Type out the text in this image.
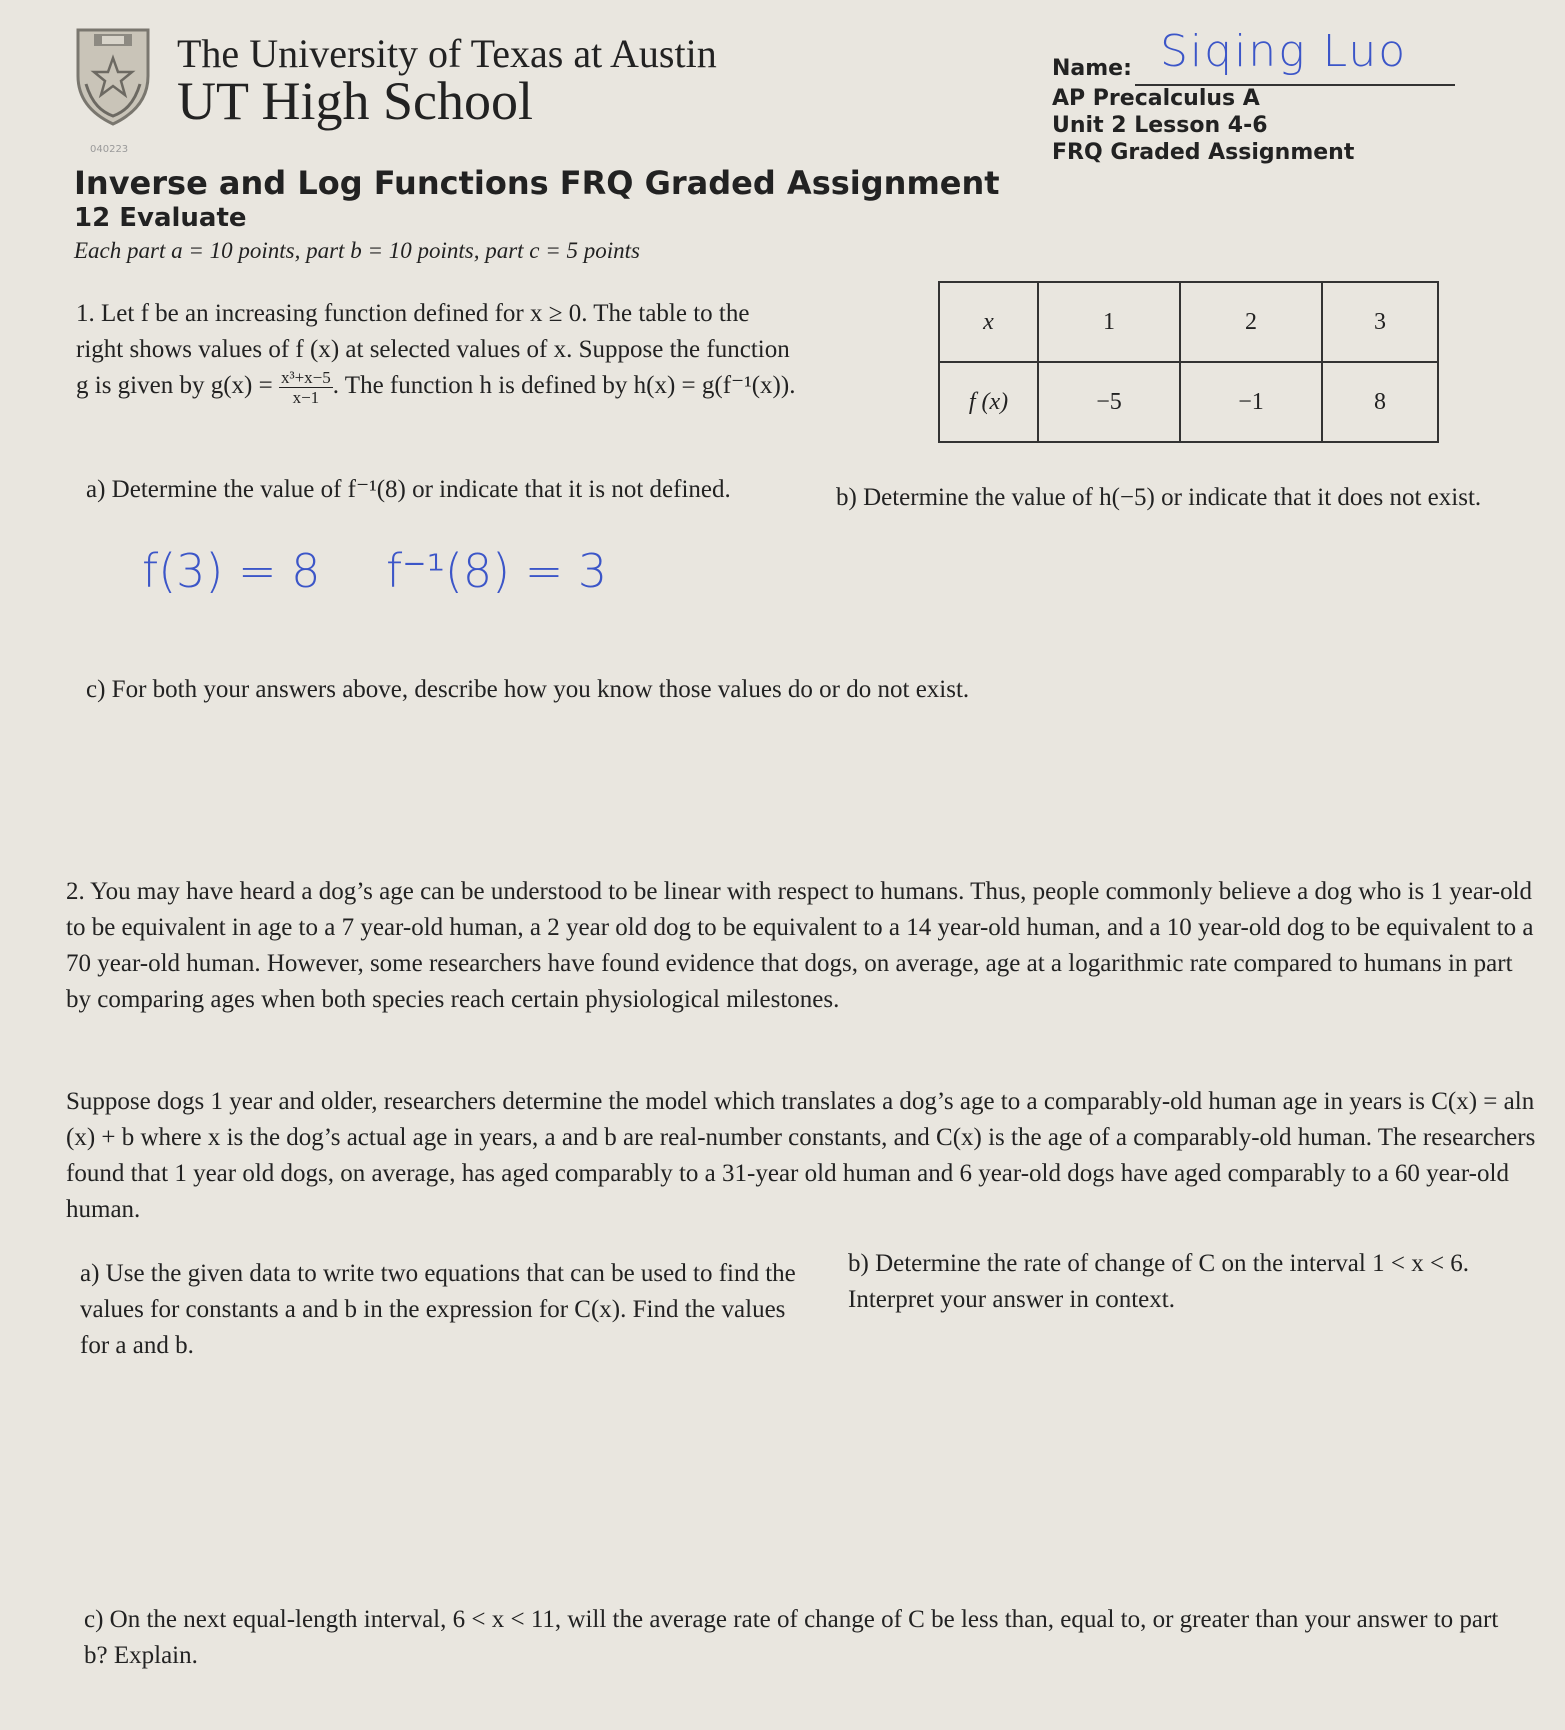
The University of Texas at Austin
UT High School
040223
Name: Siqing Luo
AP Precalculus A
Unit 2 Lesson 4-6
FRQ Graded Assignment
Inverse and Log Functions FRQ Graded Assignment
12 Evaluate
Each part a = 10 points, part b = 10 points, part c = 5 points
1. Let f be an increasing function defined for x ≥ 0. The table to the right shows values of f (x) at selected values of x. Suppose the function g is given by $g(x) = \frac{\text{x³+x−5}}{x-1}$ . The function h is defined by h(x) = g(f⁻¹(x)).
x	1	2	3
f (x)	−5	−1	8
a) Determine the value of f⁻¹(8) or indicate that it is not defined.
f(3) = 8 f⁻¹(8) = 3
b) Determine the value of h(−5) or indicate that it does not exist.
c) For both your answers above, describe how you know those values do or do not exist.
2. You may have heard a dog’s age can be understood to be linear with respect to humans. Thus, people commonly believe a dog who is 1 year-old to be equivalent in age to a 7 year-old human, a 2 year old dog to be equivalent to a 14 year-old human, and a 10 year-old dog to be equivalent to a 70 year-old human. However, some researchers have found evidence that dogs, on average, age at a logarithmic rate compared to humans in part by comparing ages when both species reach certain physiological milestones.
Suppose dogs 1 year and older, researchers determine the model which translates a dog’s age to a comparably-old human age in years is C(x) = aln (x) + b where x is the dog’s actual age in years, a and b are real-number constants, and C(x) is the age of a comparably-old human. The researchers found that 1 year old dogs, on average, has aged comparably to a 31-year old human and 6 year-old dogs have aged comparably to a 60 year-old human.
a) Use the given data to write two equations that can be used to find the values for constants a and b in the expression for C(x). Find the values for a and b.
b) Determine the rate of change of C on the interval 1 < x < 6. Interpret your answer in context.
c) On the next equal-length interval, 6 < x < 11, will the average rate of change of C be less than, equal to, or greater than your answer to part b? Explain.
